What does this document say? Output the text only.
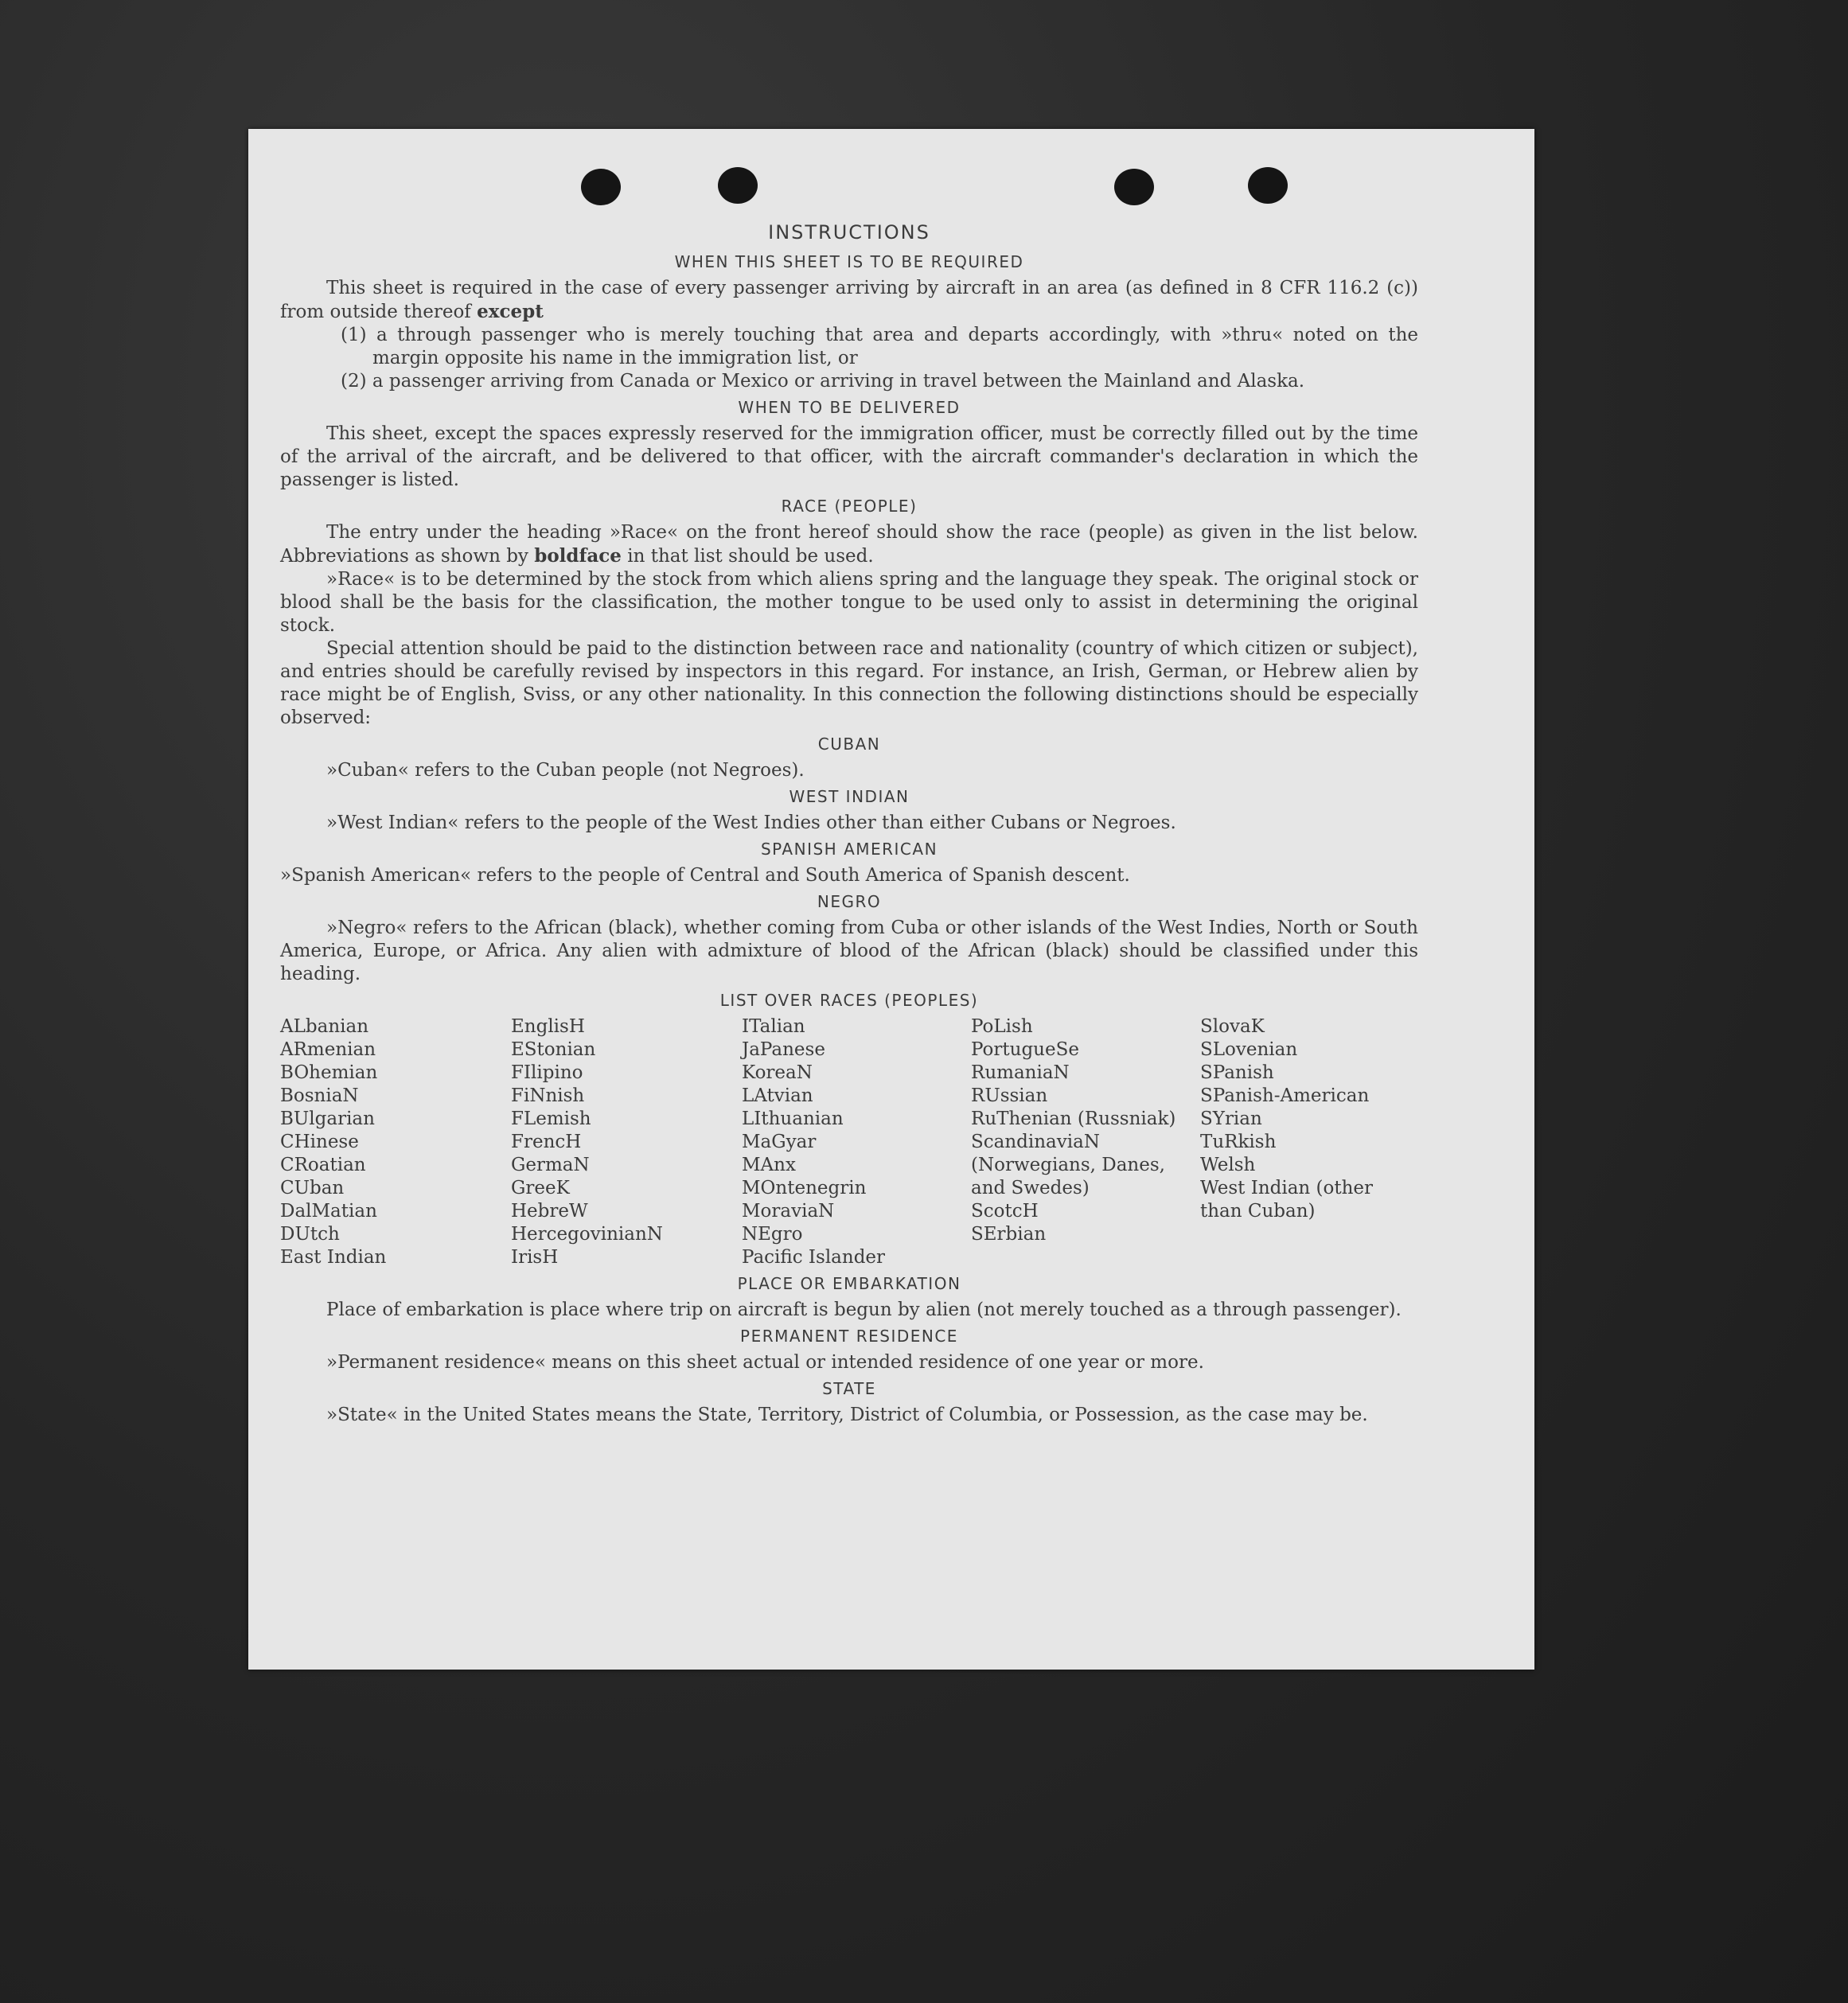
INSTRUCTIONS
WHEN THIS SHEET IS TO BE REQUIRED

This sheet is required in the case of every passenger arriving by aircraft in an area (as defined in 8 CFR 116.2 (c)) from outside thereof except

(1) a through passenger who is merely touching that area and departs accordingly, with »thru« noted on the margin opposite his name in the immigration list, or

(2) a passenger arriving from Canada or Mexico or arriving in travel between the Mainland and Alaska.

WHEN TO BE DELIVERED

This sheet, except the spaces expressly reserved for the immigration officer, must be correctly filled out by the time of the arrival of the aircraft, and be delivered to that officer, with the aircraft commander's declaration in which the passenger is listed.

RACE (PEOPLE)

The entry under the heading »Race« on the front hereof should show the race (people) as given in the list below. Abbreviations as shown by boldface in that list should be used.

»Race« is to be determined by the stock from which aliens spring and the language they speak. The original stock or blood shall be the basis for the classification, the mother tongue to be used only to assist in determining the original stock.

Special attention should be paid to the distinction between race and nationality (country of which citizen or subject), and entries should be carefully revised by inspectors in this regard. For instance, an Irish, German, or Hebrew alien by race might be of English, Sviss, or any other nationality. In this connection the following distinctions should be especially observed:

CUBAN

»Cuban« refers to the Cuban people (not Negroes).

WEST INDIAN

»West Indian« refers to the people of the West Indies other than either Cubans or Negroes.

SPANISH AMERICAN

»Spanish American« refers to the people of Central and South America of Spanish descent.

NEGRO

»Negro« refers to the African (black), whether coming from Cuba or other islands of the West Indies, North or South America, Europe, or Africa. Any alien with admixture of blood of the African (black) should be classified under this heading.

LIST OVER RACES (PEOPLES)
ALbanian
ARmenian
BOhemian
BosniaN
BUlgarian
CHinese
CRoatian
CUban
DalMatian
DUtch
East Indian
EnglisH
EStonian
FIlipino
FiNnish
FLemish
FrencH
GermaN
GreeK
HebreW
HercegovinianN
IrisH
ITalian
JaPanese
KoreaN
LAtvian
LIthuanian
MaGyar
MAnx
MOntenegrin
MoraviaN
NEgro
Pacific Islander
PoLish
PortugueSe
RumaniaN
RUssian
RuThenian (Russniak)
ScandinaviaN (Norwegians, Danes, and Swedes)
ScotcH
SErbian
SlovaK
SLovenian
SPanish
SPanish-American
SYrian
TuRkish
Welsh
West Indian (other than Cuban)
PLACE OR EMBARKATION

Place of embarkation is place where trip on aircraft is begun by alien (not merely touched as a through passenger).

PERMANENT RESIDENCE

»Permanent residence« means on this sheet actual or intended residence of one year or more.

STATE

»State« in the United States means the State, Territory, District of Columbia, or Possession, as the case may be.
